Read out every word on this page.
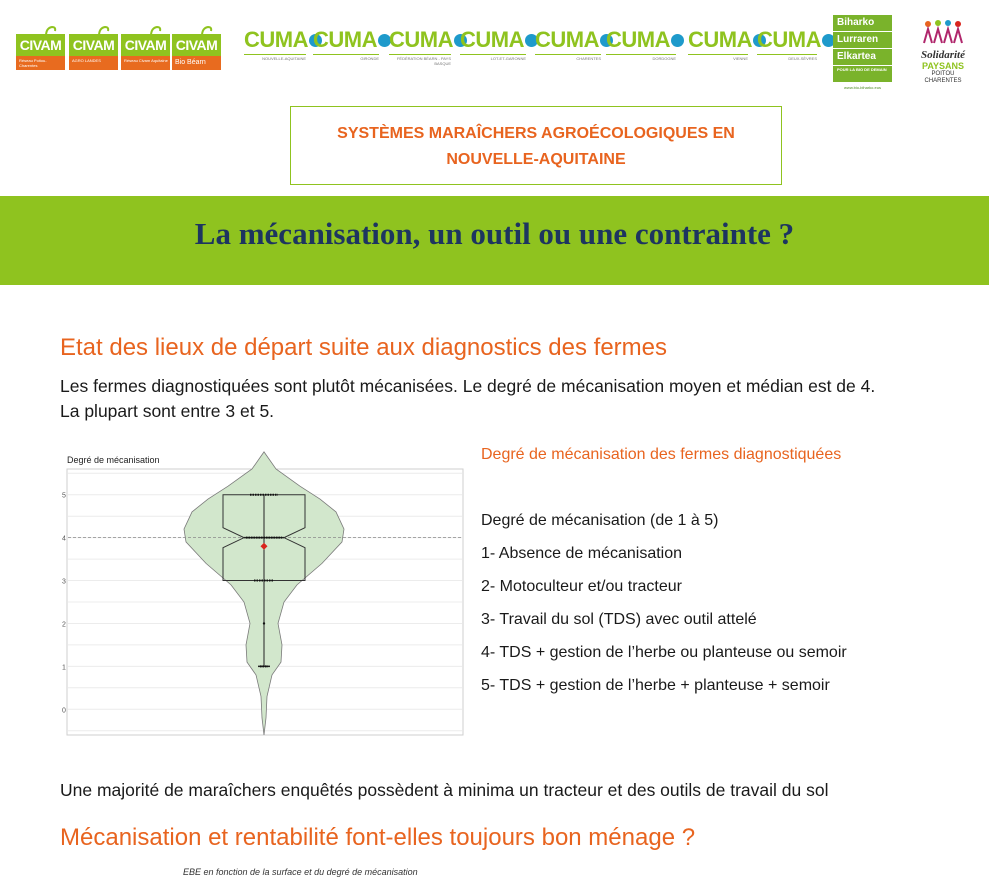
CIVAM
Réseau Poitou-Charentes
CIVAM
AGRO LANDES
CIVAM
Réseau Civam Aquitaine
CIVAM
Bio Béarn
CUMA
NOUVELLE-AQUITAINE
CUMA
GIRONDE
CUMA
FÉDÉRATION BÉARN - PAYS BASQUE
CUMA
LOT-ET-GARONNE
CUMA
CHARENTES
CUMA
DORDOGNE
CUMA
VIENNE
CUMA
DEUX-SÈVRES
Biharko
Lurraren
Elkartea
POUR LA BIO DE DEMAIN
www.bio-biharko.eus
Solidarité
PAYSANS
POITOU CHARENTES
SYSTÈMES MARAÎCHERS AGROÉCOLOGIQUES EN
NOUVELLE-AQUITAINE
La mécanisation, un outil ou une contrainte ?
Etat des lieux de départ suite aux diagnostics des fermes
Les fermes diagnostiquées sont plutôt mécanisées. Le degré de mécanisation moyen et médian est de 4.
La plupart sont entre 3 et 5.
Degré de mécanisation
0
1
2
3
4
5
Degré de mécanisation des fermes diagnostiquées
Degré de mécanisation (de 1 à 5)
1- Absence de mécanisation
2- Motoculteur et/ou tracteur
3- Travail du sol (TDS) avec outil attelé
4- TDS + gestion de l’herbe ou planteuse ou semoir
5- TDS + gestion de l’herbe + planteuse + semoir
Une majorité de maraîchers enquêtés possèdent à minima un tracteur et des outils de travail du sol
Mécanisation et rentabilité font-elles toujours bon ménage ?
EBE en fonction de la surface et du degré de mécanisation
